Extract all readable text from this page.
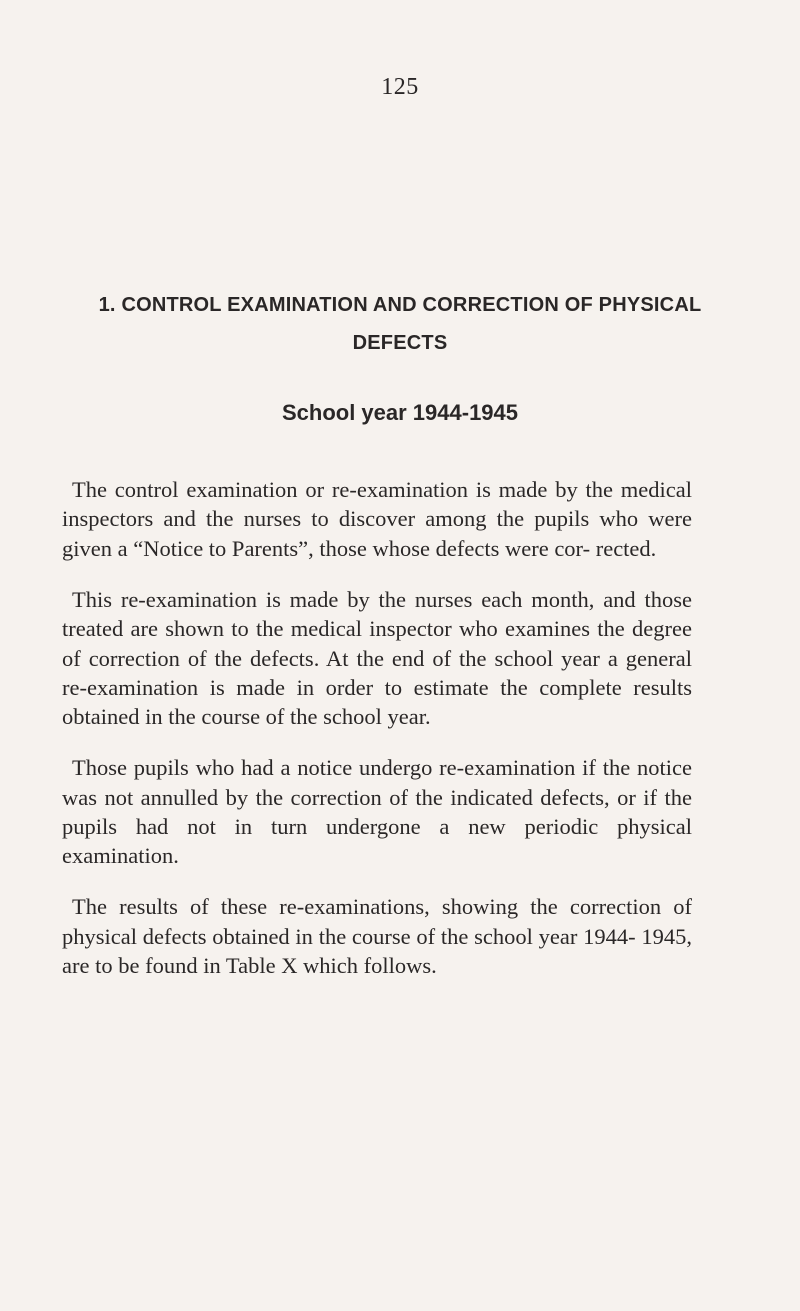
125
1. CONTROL EXAMINATION AND CORRECTION OF PHYSICAL
DEFECTS
School year 1944-1945

The control examination or re-examination is made by the medical inspectors and the nurses to discover among the pupils who were given a “Notice to Parents”, those whose defects were cor- rected.

This re-examination is made by the nurses each month, and those treated are shown to the medical inspector who examines the degree of correction of the defects. At the end of the school year a general re-examination is made in order to estimate the complete results obtained in the course of the school year.

Those pupils who had a notice undergo re-examination if the notice was not annulled by the correction of the indicated defects, or if the pupils had not in turn undergone a new periodic physical examination.

The results of these re-examinations, showing the correction of physical defects obtained in the course of the school year 1944- 1945, are to be found in Table X which follows.
